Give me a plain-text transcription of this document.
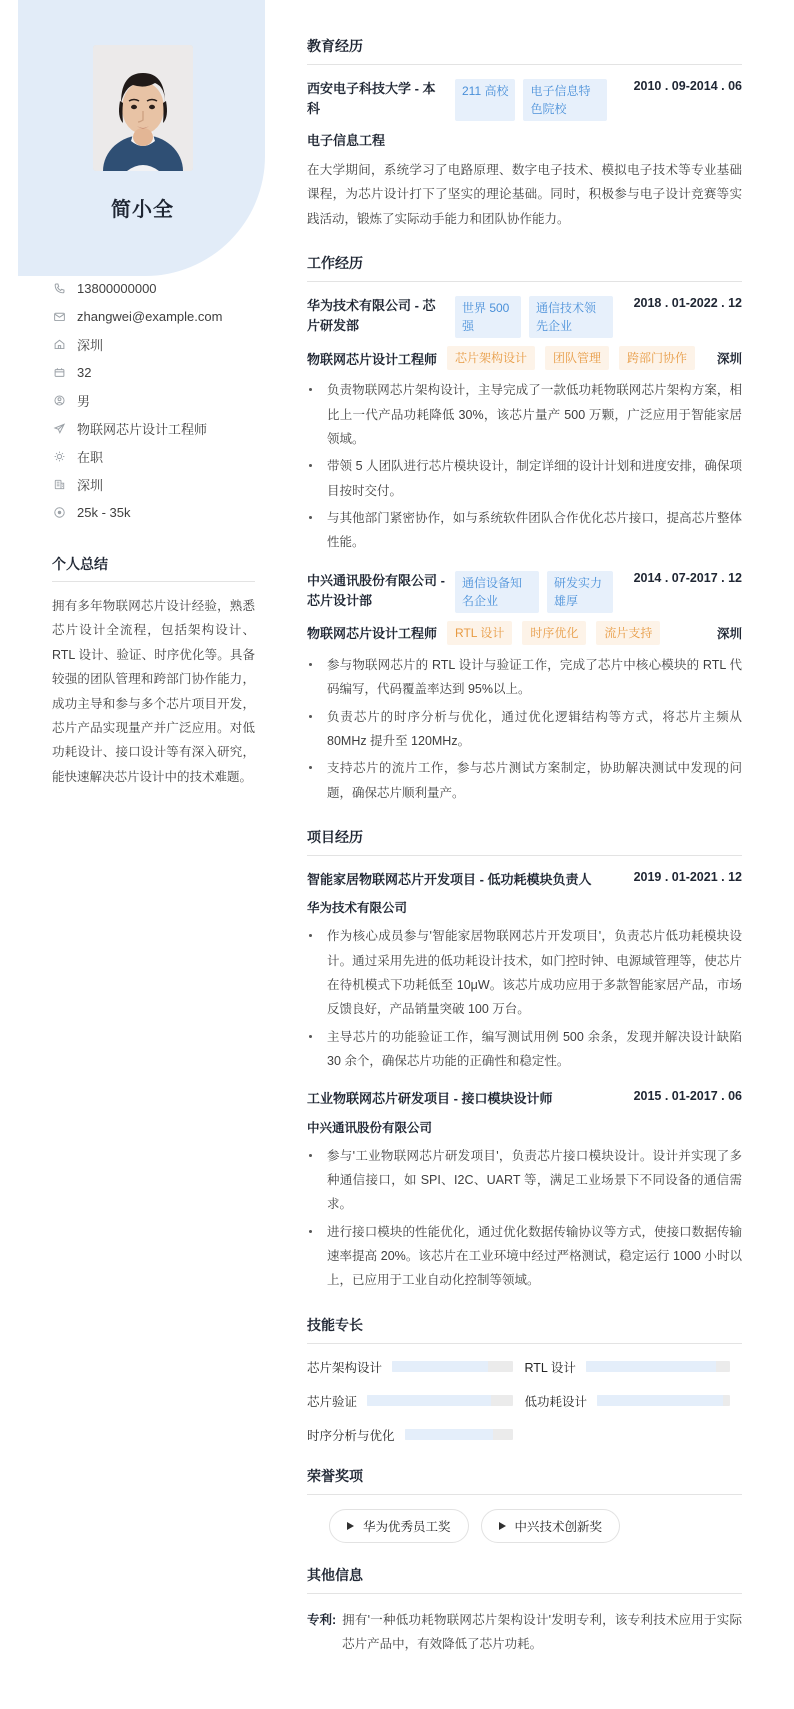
简小全
13800000000
zhangwei@example.com
深圳
32
男
物联网芯片设计工程师
在职
深圳
25k - 35k
个人总结
拥有多年物联网芯片设计经验，熟悉芯片设计全流程，包括架构设计、RTL 设计、验证、时序优化等。具备较强的团队管理和跨部门协作能力，成功主导和参与多个芯片项目开发，芯片产品实现量产并广泛应用。对低功耗设计、接口设计等有深入研究，能快速解决芯片设计中的技术难题。
教育经历
西安电子科技大学 - 本科
211 高校	电子信息特色院校
2010 . 09-2014 . 06
电子信息工程
在大学期间，系统学习了电路原理、数字电子技术、模拟电子技术等专业基础课程，为芯片设计打下了坚实的理论基础。同时，积极参与电子设计竞赛等实践活动，锻炼了实际动手能力和团队协作能力。
工作经历
华为技术有限公司 - 芯片研发部
世界 500 强
通信技术领先企业
2018 . 01-2022 . 12
物联网芯片设计工程师	芯片架构设计	团队管理	跨部门协作	深圳
负责物联网芯片架构设计，主导完成了一款低功耗物联网芯片架构方案，相比上一代产品功耗降低 30%，该芯片量产 500 万颗，广泛应用于智能家居领域。
带领 5 人团队进行芯片模块设计，制定详细的设计计划和进度安排，确保项目按时交付。
与其他部门紧密协作，如与系统软件团队合作优化芯片接口，提高芯片整体性能。
中兴通讯股份有限公司 - 芯片设计部
通信设备知名企业
研发实力雄厚
2014 . 07-2017 . 12
物联网芯片设计工程师	RTL 设计	时序优化	流片支持	深圳
参与物联网芯片的 RTL 设计与验证工作，完成了芯片中核心模块的 RTL 代码编写，代码覆盖率达到 95%以上。
负责芯片的时序分析与优化，通过优化逻辑结构等方式，将芯片主频从 80MHz 提升至 120MHz。
支持芯片的流片工作，参与芯片测试方案制定，协助解决测试中发现的问题，确保芯片顺利量产。
项目经历
智能家居物联网芯片开发项目 - 低功耗模块负责人	2019 . 01-2021 . 12
华为技术有限公司
作为核心成员参与'智能家居物联网芯片开发项目'，负责芯片低功耗模块设计。通过采用先进的低功耗设计技术，如门控时钟、电源域管理等，使芯片在待机模式下功耗低至 10μW。该芯片成功应用于多款智能家居产品，市场反馈良好，产品销量突破 100 万台。
主导芯片的功能验证工作，编写测试用例 500 余条，发现并解决设计缺陷 30 余个，确保芯片功能的正确性和稳定性。
工业物联网芯片研发项目 - 接口模块设计师	2015 . 01-2017 . 06
中兴通讯股份有限公司
参与'工业物联网芯片研发项目'，负责芯片接口模块设计。设计并实现了多种通信接口，如 SPI、I2C、UART 等，满足工业场景下不同设备的通信需求。
进行接口模块的性能优化，通过优化数据传输协议等方式，使接口数据传输速率提高 20%。该芯片在工业环境中经过严格测试，稳定运行 1000 小时以上，已应用于工业自动化控制等领域。
技能专长
芯片架构设计	RTL 设计
芯片验证	低功耗设计
时序分析与优化
荣誉奖项
华为优秀员工奖	中兴技术创新奖
其他信息
专利: 拥有'一种低功耗物联网芯片架构设计'发明专利，该专利技术应用于实际芯片产品中，有效降低了芯片功耗。
